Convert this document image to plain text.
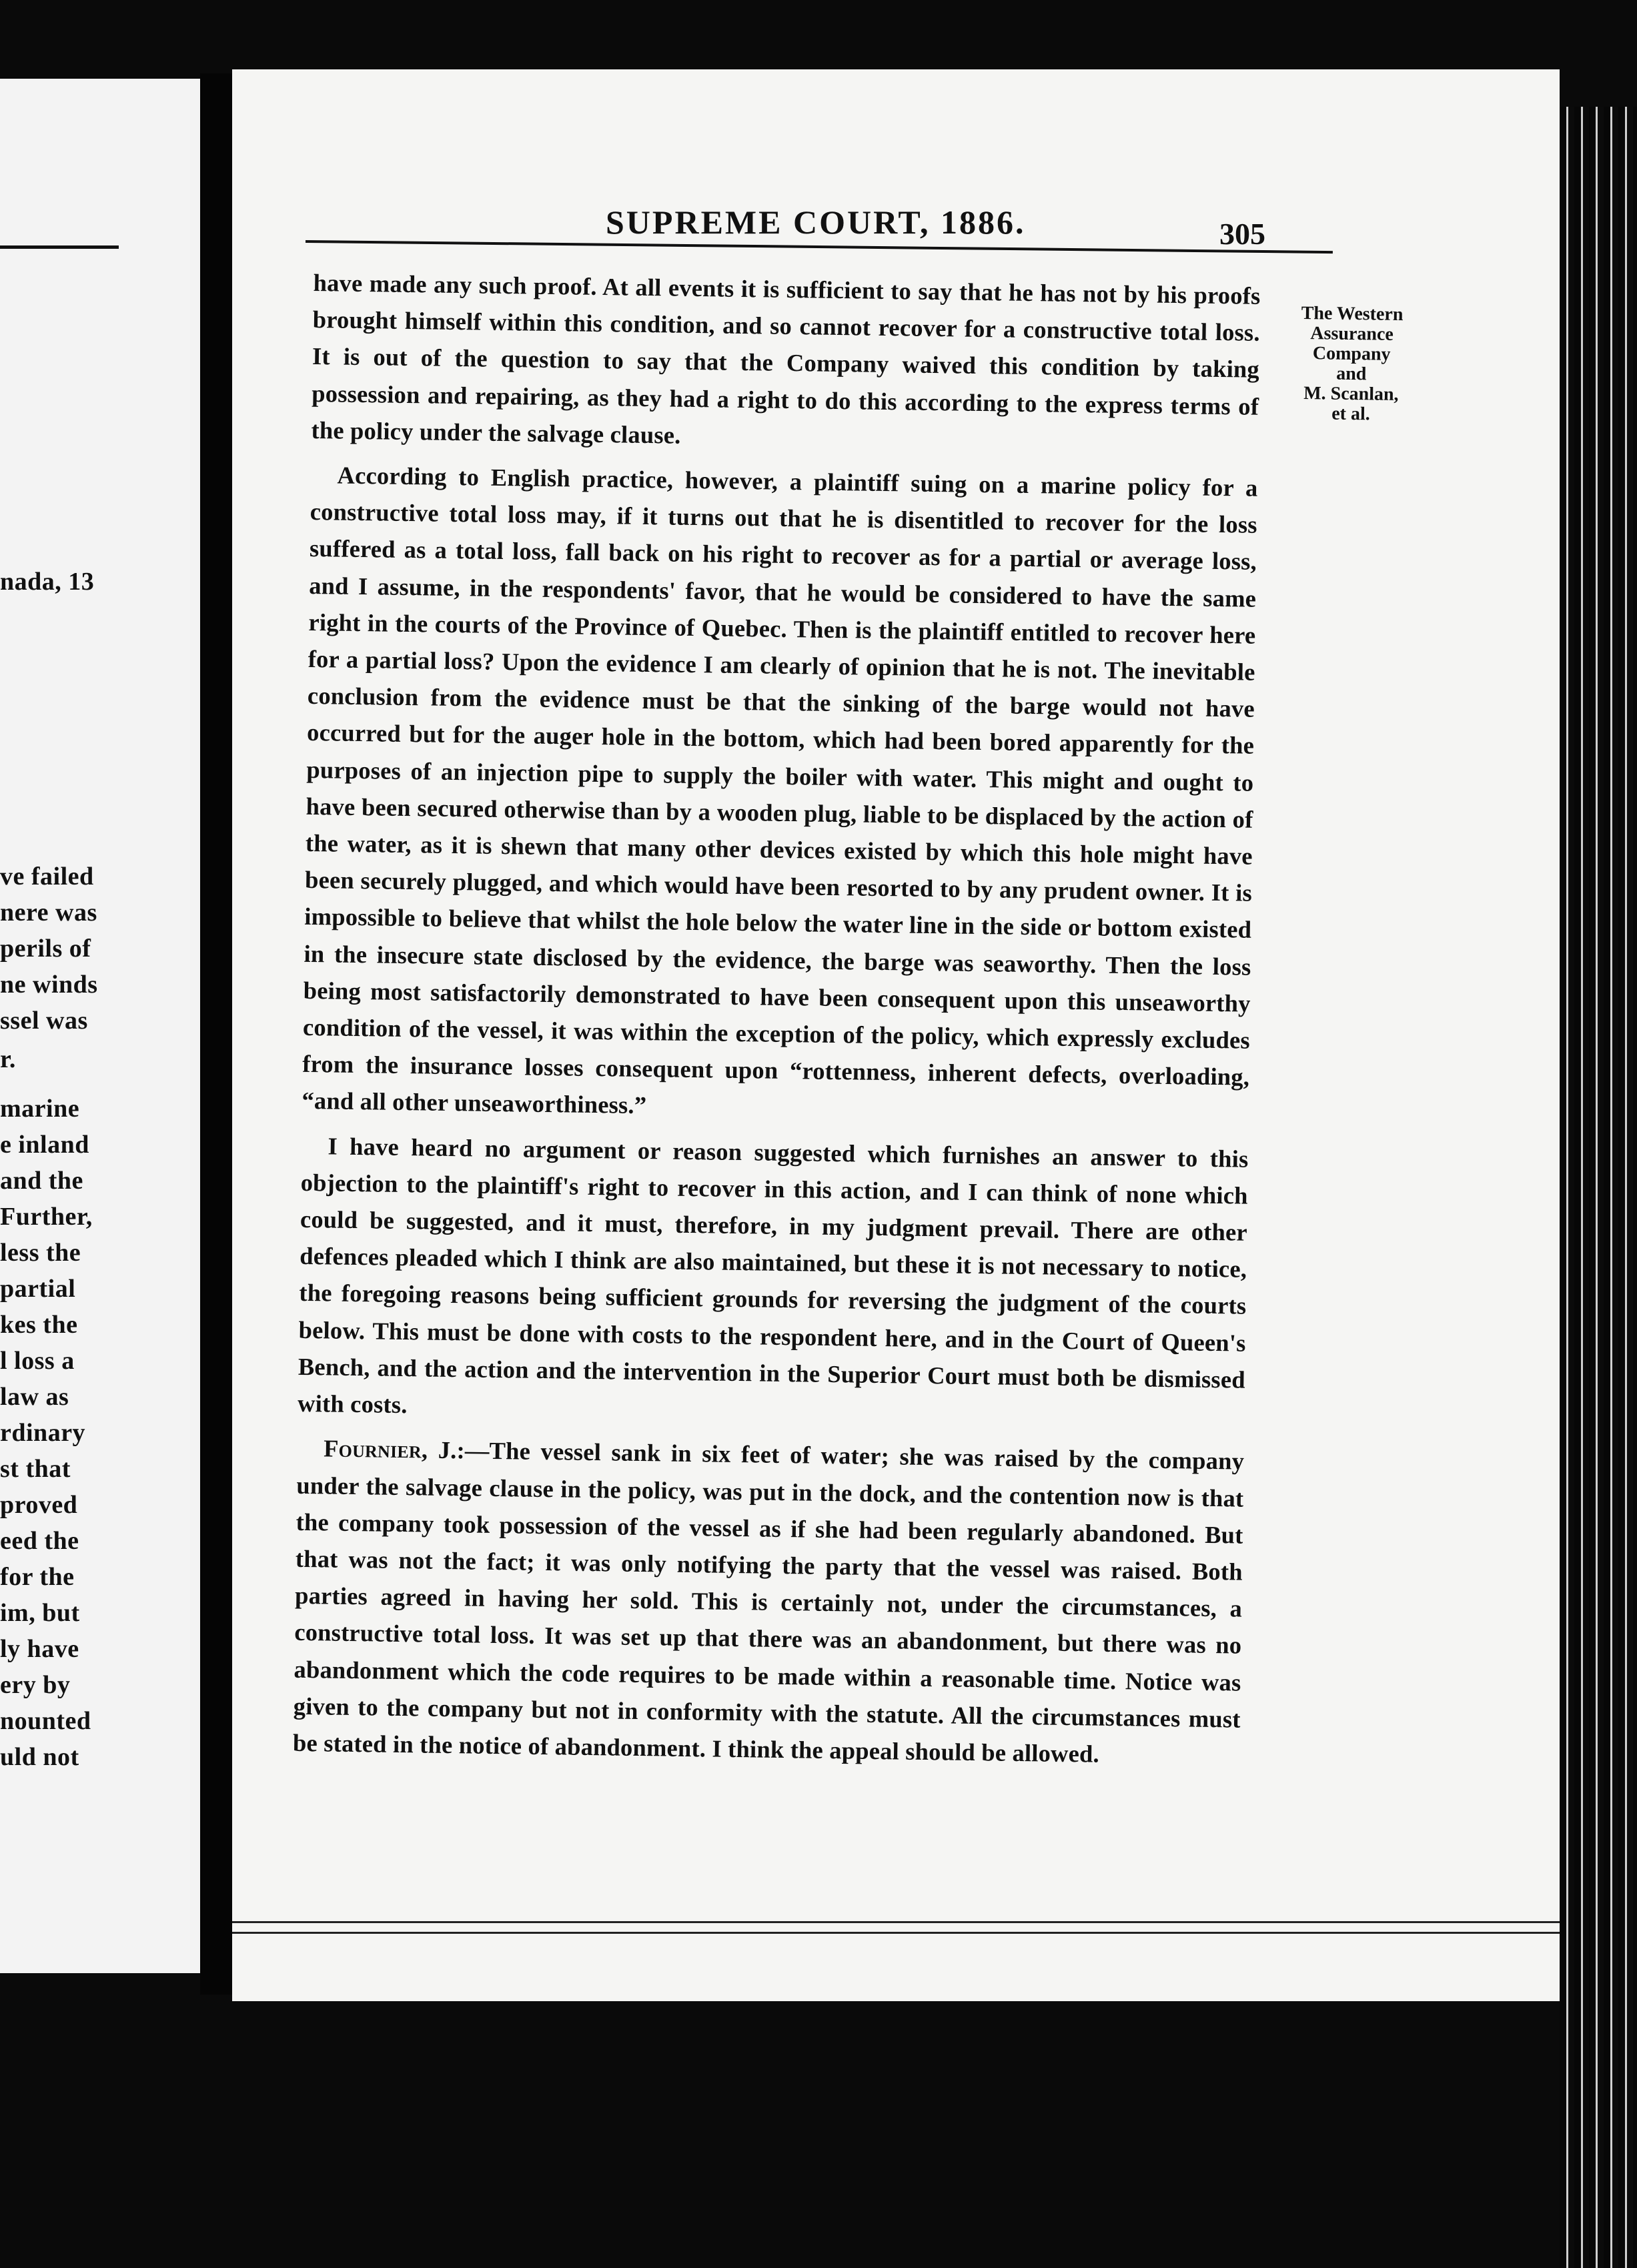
nada, 13
ve failed
nere was
perils of
ne winds
ssel was
r.
marine
e inland
and the
Further,
less the
partial
kes the
l loss a
law as
rdinary
st that
proved
eed the
for the
im, but
ly have
ery by
nounted
uld not
SUPREME COURT, 1886.	305
The Western
Assurance
Company
and
M. Scanlan,
et al.

have made any such proof. At all events it is sufficient to say that he has not by his proofs brought himself within this condition, and so cannot recover for a constructive total loss. It is out of the question to say that the Company waived this condition by taking possession and repairing, as they had a right to do this according to the express terms of the policy under the salvage clause.

According to English practice, however, a plaintiff suing on a marine policy for a constructive total loss may, if it turns out that he is disentitled to recover for the loss suffered as a total loss, fall back on his right to recover as for a partial or average loss, and I assume, in the respondents' favor, that he would be considered to have the same right in the courts of the Province of Quebec. Then is the plaintiff entitled to recover here for a partial loss? Upon the evidence I am clearly of opinion that he is not. The inevitable conclusion from the evidence must be that the sinking of the barge would not have occurred but for the auger hole in the bottom, which had been bored apparently for the purposes of an injection pipe to supply the boiler with water. This might and ought to have been secured otherwise than by a wooden plug, liable to be displaced by the action of the water, as it is shewn that many other devices existed by which this hole might have been securely plugged, and which would have been resorted to by any prudent owner. It is impossible to believe that whilst the hole below the water line in the side or bottom existed in the insecure state disclosed by the evidence, the barge was seaworthy. Then the loss being most satisfactorily demonstrated to have been consequent upon this unseaworthy condition of the vessel, it was within the exception of the policy, which expressly excludes from the insurance losses consequent upon “rottenness, inherent defects, overloading, “and all other unseaworthiness.”

I have heard no argument or reason suggested which furnishes an answer to this objection to the plaintiff's right to recover in this action, and I can think of none which could be suggested, and it must, therefore, in my judgment prevail. There are other defences pleaded which I think are also maintained, but these it is not necessary to notice, the foregoing reasons being sufficient grounds for reversing the judgment of the courts below. This must be done with costs to the respondent here, and in the Court of Queen's Bench, and the action and the intervention in the Superior Court must both be dismissed with costs.

Fournier, J.:—The vessel sank in six feet of water; she was raised by the company under the salvage clause in the policy, was put in the dock, and the contention now is that the company took possession of the vessel as if she had been regularly abandoned. But that was not the fact; it was only notifying the party that the vessel was raised. Both parties agreed in having her sold. This is certainly not, under the circumstances, a constructive total loss. It was set up that there was an abandonment, but there was no abandonment which the code requires to be made within a reasonable time. Notice was given to the company but not in conformity with the statute. All the circumstances must be stated in the notice of abandonment. I think the appeal should be allowed.
